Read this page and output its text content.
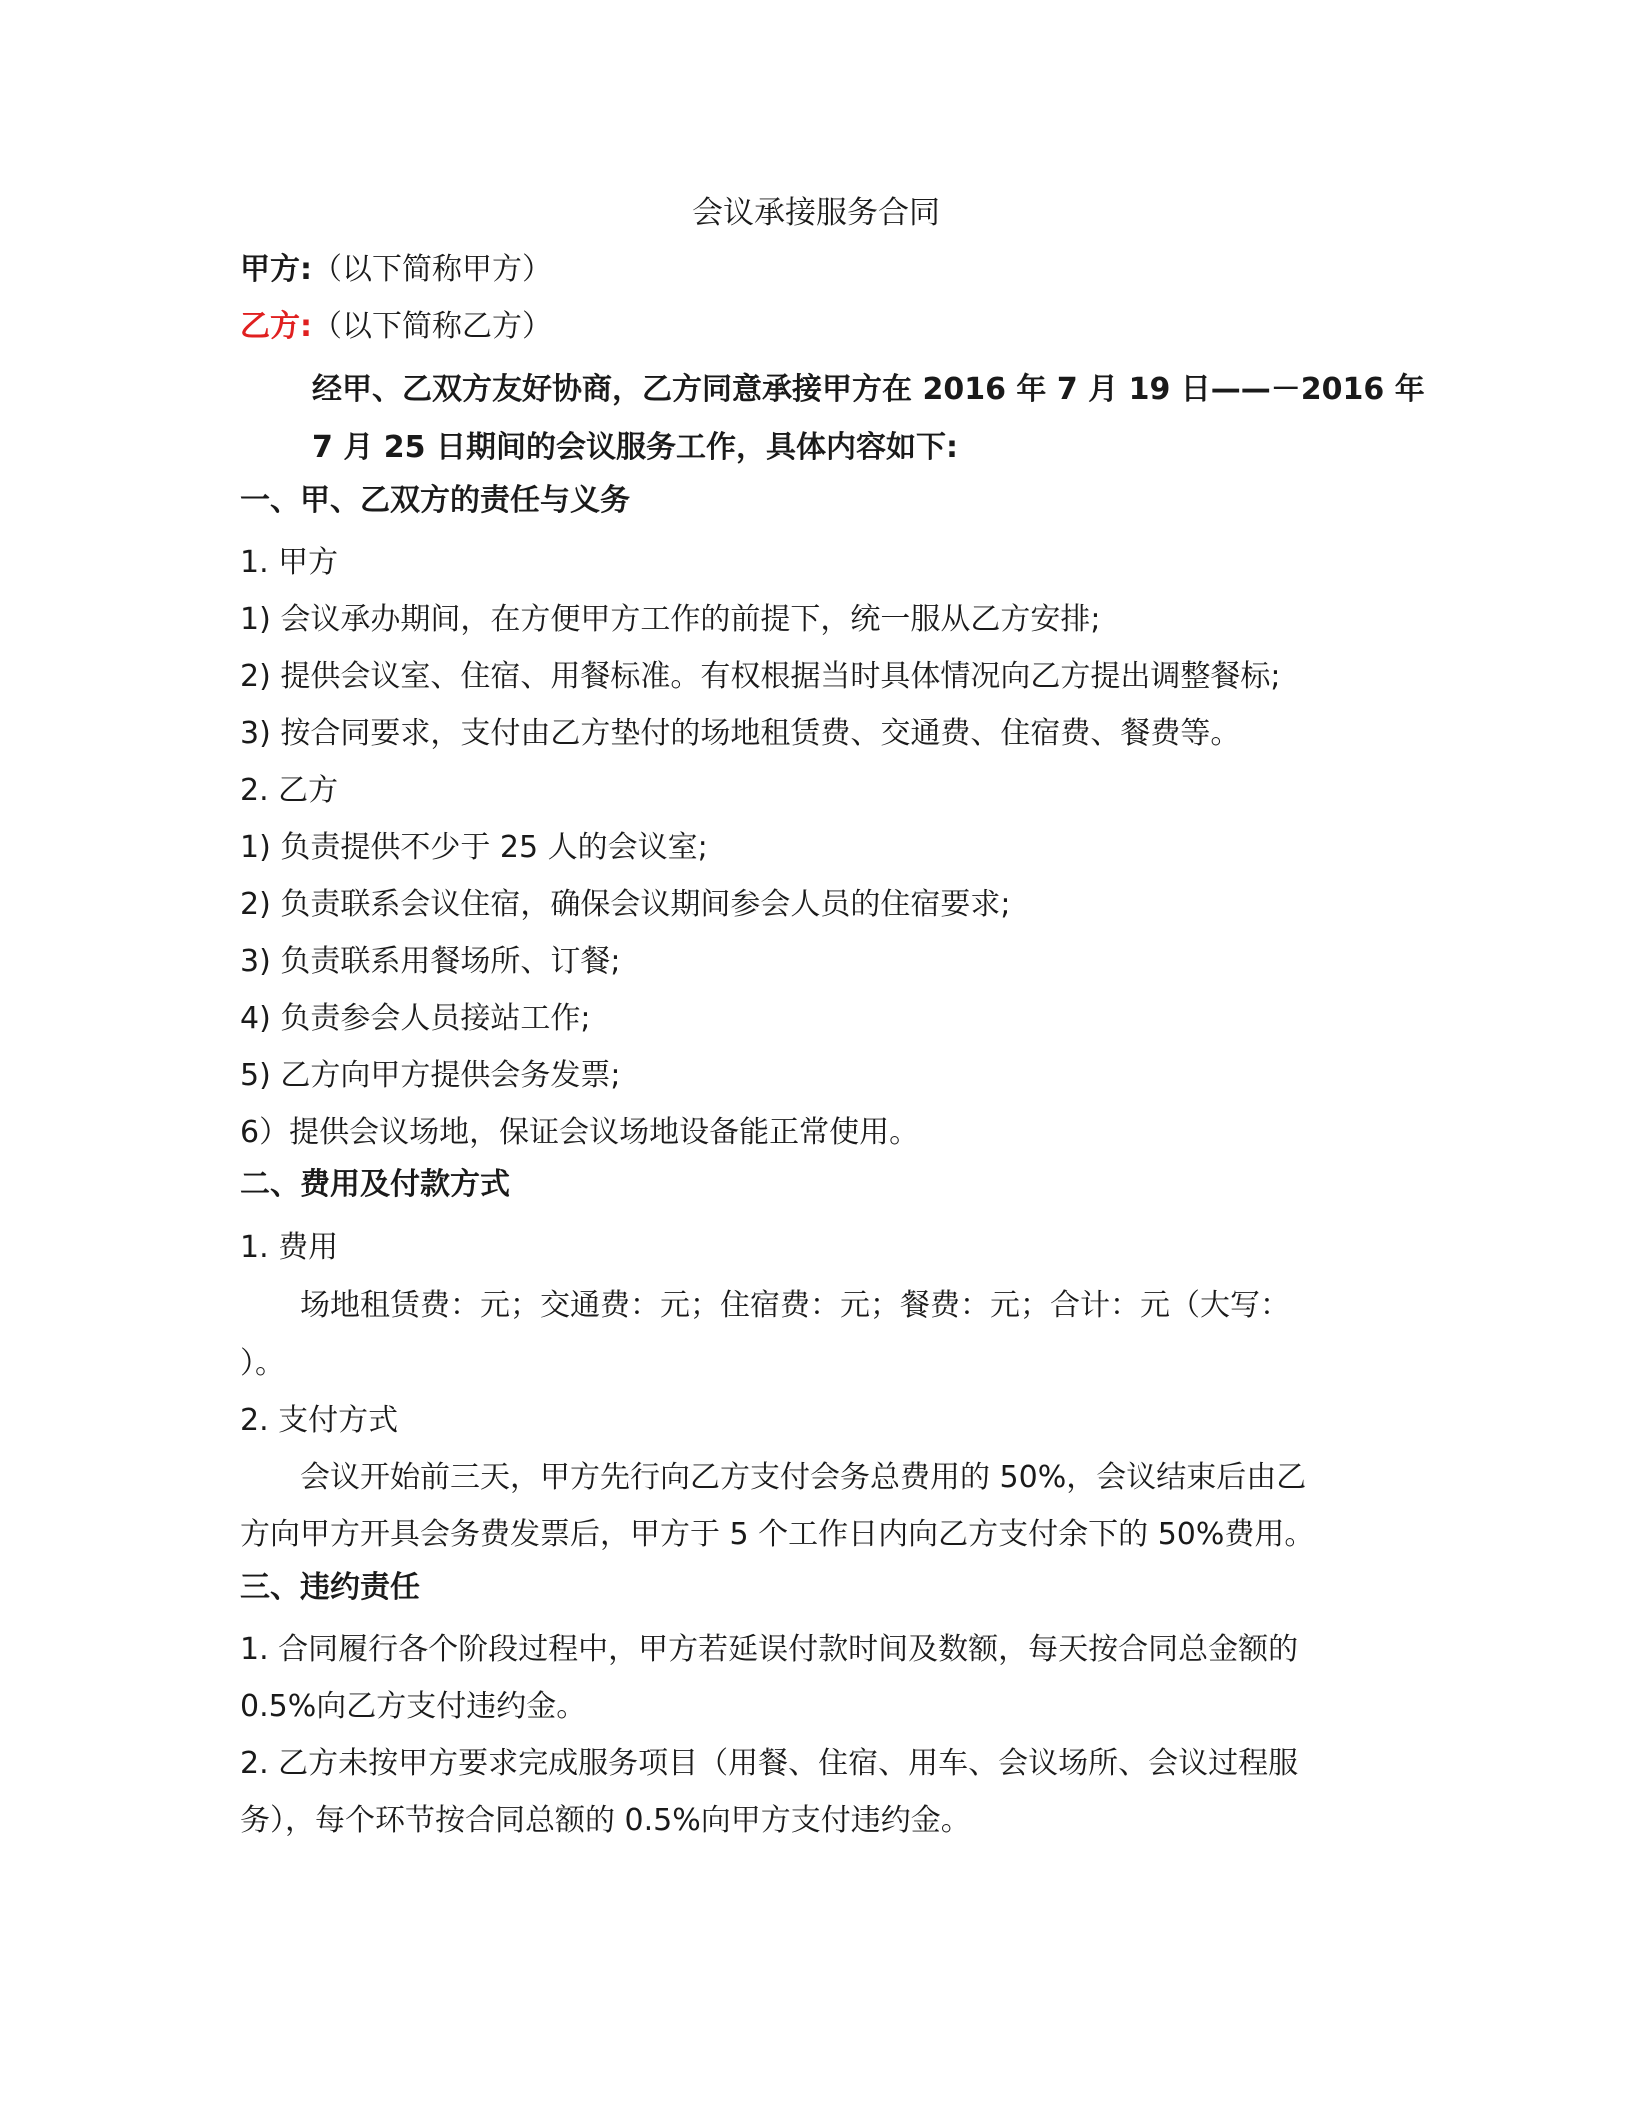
会议承接服务合同
甲方:（以下简称甲方）
乙方:（以下简称乙方）
经甲、乙双方友好协商，乙方同意承接甲方在 2016 年 7 月 19 日——－2016 年
7 月 25 日期间的会议服务工作，具体内容如下:
一、甲、乙双方的责任与义务
1. 甲方
1) 会议承办期间，在方便甲方工作的前提下，统一服从乙方安排;
2) 提供会议室、住宿、用餐标准。有权根据当时具体情况向乙方提出调整餐标;
3) 按合同要求，支付由乙方垫付的场地租赁费、交通费、住宿费、餐费等。
2. 乙方
1) 负责提供不少于 25 人的会议室;
2) 负责联系会议住宿，确保会议期间参会人员的住宿要求;
3) 负责联系用餐场所、订餐;
4) 负责参会人员接站工作;
5) 乙方向甲方提供会务发票;
6）提供会议场地，保证会议场地设备能正常使用。
二、费用及付款方式
1. 费用
场地租赁费：元；交通费：元；住宿费：元；餐费：元；合计：元（大写：
）。
2. 支付方式
会议开始前三天，甲方先行向乙方支付会务总费用的 50%，会议结束后由乙
方向甲方开具会务费发票后，甲方于 5 个工作日内向乙方支付余下的 50%费用。
三、违约责任
1. 合同履行各个阶段过程中，甲方若延误付款时间及数额，每天按合同总金额的
0.5%向乙方支付违约金。
2. 乙方未按甲方要求完成服务项目（用餐、住宿、用车、会议场所、会议过程服
务），每个环节按合同总额的 0.5%向甲方支付违约金。
